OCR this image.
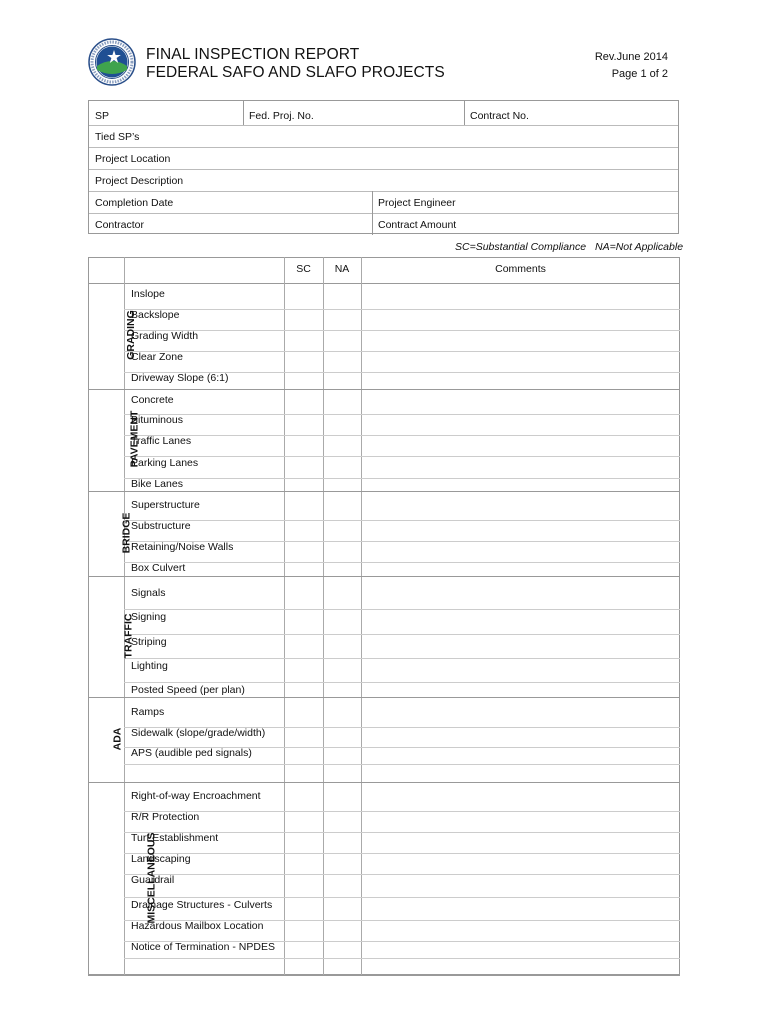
FINAL INSPECTION REPORT
FEDERAL SAFO AND SLAFO PROJECTS
Rev.June 2014
Page 1 of 2
SP	Fed. Proj. No.	Contract No.
Tied SP’s
Project Location
Project Description
Completion Date	Project Engineer
Contractor	Contract Amount
SC=Substantial Compliance NA=Not Applicable
SC	NA	Comments
GRADING
Inslope
Backslope
Grading Width
Clear Zone
Driveway Slope (6:1)
PAVEMENT
Concrete
Bituminous
Traffic Lanes
Parking Lanes
Bike Lanes
BRIDGE
Superstructure
Substructure
Retaining/Noise Walls
Box Culvert
TRAFFIC
Signals
Signing
Striping
Lighting
Posted Speed (per plan)
ADA
Ramps
Sidewalk (slope/grade/width)
APS (audible ped signals)
MISCELLANEOUS
Right-of-way Encroachment
R/R Protection
Turf Establishment
Landscaping
Guardrail
Drainage Structures - Culverts
Hazardous Mailbox Location
Notice of Termination - NPDES
